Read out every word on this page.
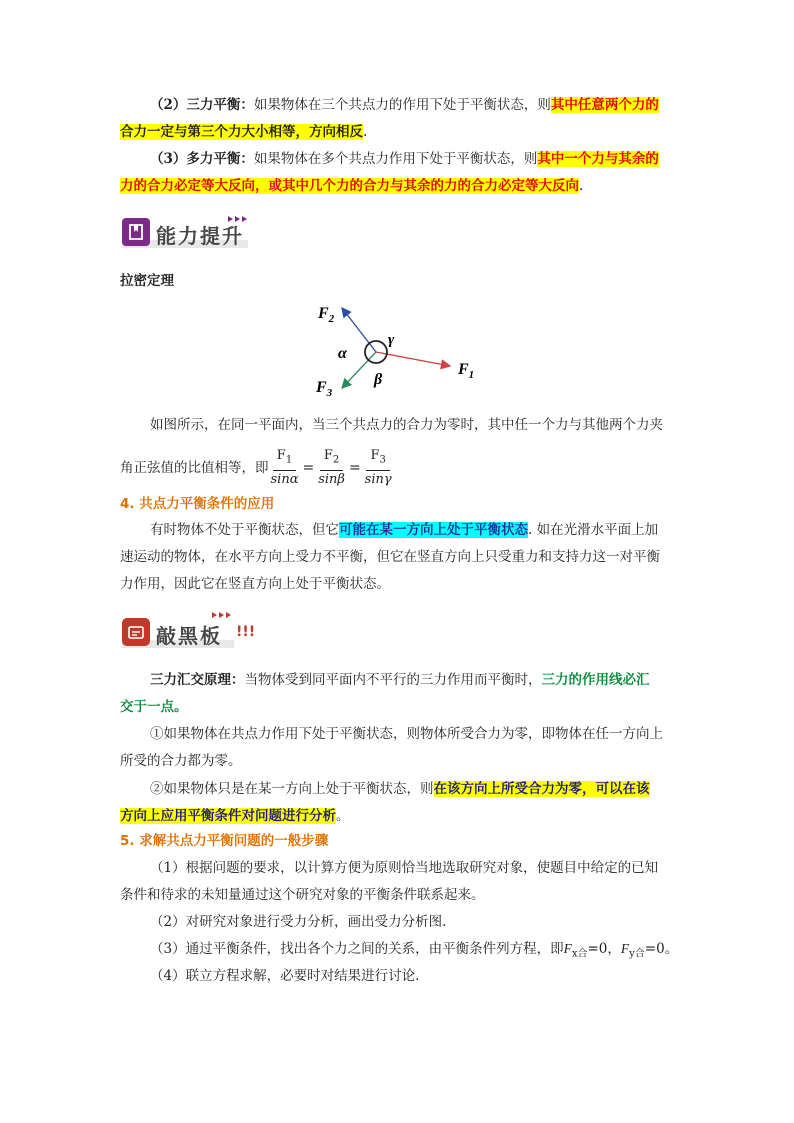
（2）三力平衡：如果物体在三个共点力的作用下处于平衡状态，则其中任意两个力的
合力一定与第三个力大小相等，方向相反.
（3）多力平衡：如果物体在多个共点力作用下处于平衡状态，则其中一个力与其余的
力的合力必定等大反向，或其中几个力的合力与其余的力的合力必定等大反向.
能力提升
拉密定理
$F_2$
$F_3$
$F_1$
α
γ
β
如图所示，在同一平面内，当三个共点力的合力为零时，其中任一个力与其他两个力夹
角正弦值的比值相等，即 $\frac{F_1}{\sin\alpha} = \frac{F_2}{\sin\beta} = \frac{F_3}{\sin\gamma}$
4. 共点力平衡条件的应用
有时物体不处于平衡状态，但它可能在某一方向上处于平衡状态. 如在光滑水平面上加
速运动的物体，在水平方向上受力不平衡，但它在竖直方向上只受重力和支持力这一对平衡
力作用，因此它在竖直方向上处于平衡状态。
敲黑板 !!!
三力汇交原理：当物体受到同平面内不平行的三力作用而平衡时，三力的作用线必汇
交于一点。
①如果物体在共点力作用下处于平衡状态，则物体所受合力为零，即物体在任一方向上
所受的合力都为零。
②如果物体只是在某一方向上处于平衡状态，则在该方向上所受合力为零，可以在该
方向上应用平衡条件对问题进行分析。
5. 求解共点力平衡问题的一般步骤
（1）根据问题的要求，以计算方便为原则恰当地选取研究对象，使题目中给定的已知
条件和待求的未知量通过这个研究对象的平衡条件联系起来。
（2）对研究对象进行受力分析，画出受力分析图.
（3）通过平衡条件，找出各个力之间的关系，由平衡条件列方程，即$F_{x合}=0$，$F_{y合}=0$。
（4）联立方程求解，必要时对结果进行讨论.
